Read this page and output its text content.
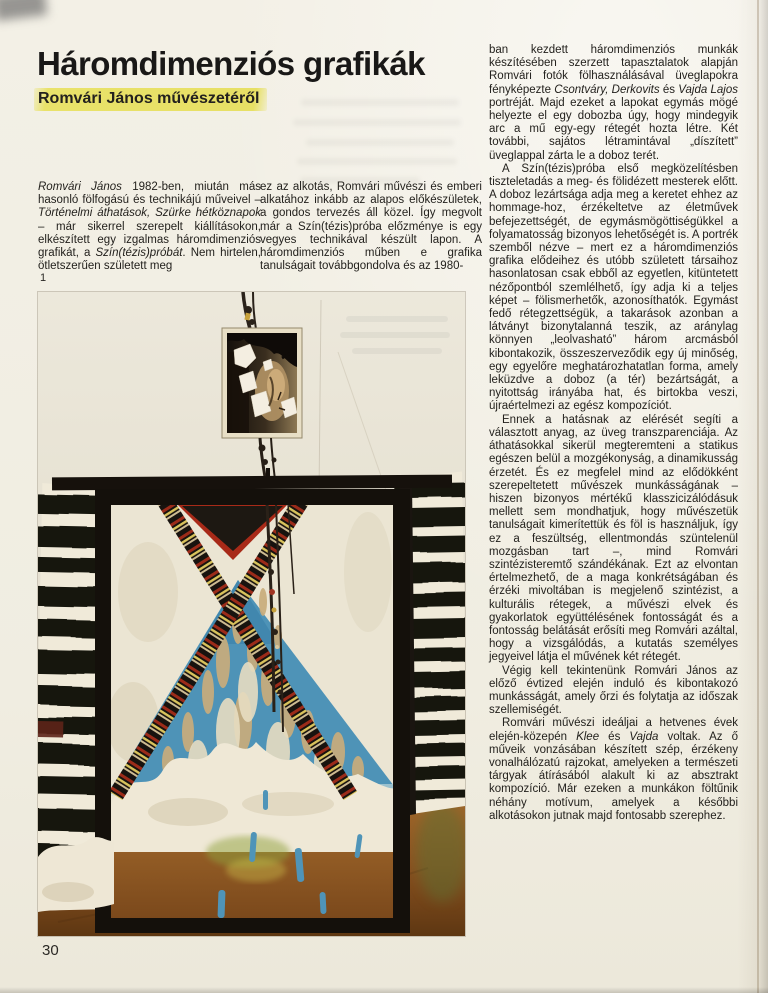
Háromdimenziós grafikák
Romvári János művészetéről

Romvári János 1982-ben, miután más hasonló fölfogású és technikájú műveivel – Történelmi áthatások, Szürke hétköznapok – már sikerrel szerepelt kiállításokon, elkészített egy izgalmas háromdimenziós grafikát, a Szín(tézis)próbát. Nem hirtelen, ötletszerűen született meg

ez az alkotás, Romvári művészi és emberi alkatához inkább az alapos előkészületek, a gondos tervezés áll közel. Így megvolt már a Szín(tézis)próba előzménye is egy vegyes technikával készült lapon. A háromdimenziós műben e grafika tanulságait továbbgondolva és az 1980-

ban kezdett háromdimenziós munkák készítésében szerzett tapasztalatok alapján Romvári fotók fölhasználásával üveglapokra fényképezte Csontváry, Derkovits és Vajda Lajos portréját. Majd ezeket a lapokat egymás mögé helyezte el egy dobozba úgy, hogy mindegyik arc a mű egy-egy rétegét hozta létre. Két további, sajátos létramintával „díszített” üveglappal zárta le a doboz terét.

A Szín(tézis)próba első megközelítésben tiszteletadás a meg- és fölidézett mesterek előtt. A doboz lezártsága adja meg a keretet ehhez az hommage-hoz, érzékeltetve az életművek befejezettségét, de egymásmögöttiségükkel a folyamatosság bizonyos lehetőségét is. A portrék szemből nézve – mert ez a háromdimenziós grafika elődeihez és utóbb született társaihoz hasonlatosan csak ebből az egyetlen, kitüntetett nézőpontból szemlélhető, így adja ki a teljes képet – fölismerhetők, azonosíthatók. Egymást fedő rétegzettségük, a takarások azonban a látványt bizonytalanná teszik, az aránylag könnyen „leolvasható” három arcmásból kibontakozik, összeszerveződik egy új minőség, egy egyelőre meghatározhatatlan forma, amely leküzdve a doboz (a tér) bezártságát, a nyitottság irányába hat, és birtokba veszi, újraértelmezi az egész kompozíciót.

Ennek a hatásnak az elérését segíti a választott anyag, az üveg transzparenciája. Az áthatásokkal sikerül megteremteni a statikus egészen belül a mozgékonyság, a dinamikusság érzetét. És ez megfelel mind az elődökként szerepeltetett művészek munkásságának – hiszen bizonyos mértékű klasszicizálódásuk mellett sem mondhatjuk, hogy művészetük tanulságait kimerítettük és föl is használjuk, így ez a feszültség, ellentmondás szüntelenül mozgásban tart –, mind Romvári szintézisteremtő szándékának. Ezt az elvontan értelmezhető, de a maga konkrétságában és érzéki mivoltában is megjelenő szintézist, a kulturális rétegek, a művészi elvek és gyakorlatok együttélésének fontosságát és a fontosság belátását erősíti meg Romvári azáltal, hogy a vizsgálódás, a kutatás személyes jegyeivel látja el művének két rétegét.

Végig kell tekintenünk Romvári János az előző évtized elején induló és kibontakozó munkásságát, amely őrzi és folytatja az időszak szellemiségét.

Romvári művészi ideáljai a hetvenes évek elején-közepén Klee és Vajda voltak. Az ő műveik vonzásában készített szép, érzékeny vonalhálózatú rajzokat, amelyeken a természeti tárgyak átírásából alakult ki az absztrakt kompozíció. Már ezeken a munkákon föltűnik néhány motívum, amelyek a későbbi alkotásokon jutnak majd fontosabb szerephez.

1
30
